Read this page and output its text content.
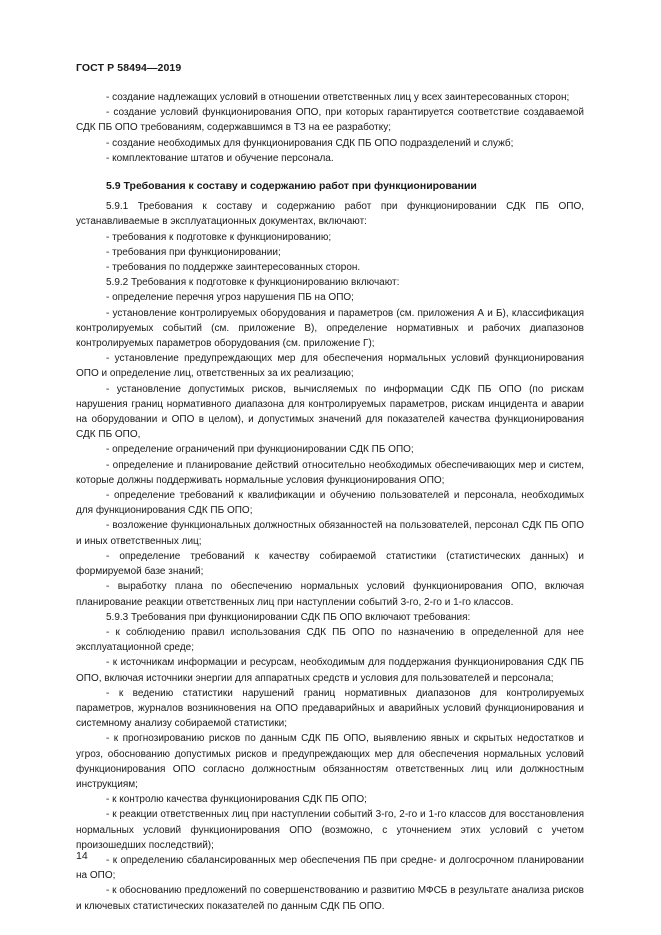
ГОСТ Р 58494—2019

- создание надлежащих условий в отношении ответственных лиц у всех заинтересованных сторон;

- создание условий функционирования ОПО, при которых гарантируется соответствие создаваемой СДК ПБ ОПО требованиям, содержавшимся в ТЗ на ее разработку;

- создание необходимых для функционирования СДК ПБ ОПО подразделений и служб;

- комплектование штатов и обучение персонала.

5.9 Требования к составу и содержанию работ при функционировании

5.9.1 Требования к составу и содержанию работ при функционировании СДК ПБ ОПО, устанавливаемые в эксплуатационных документах, включают:

- требования к подготовке к функционированию;

- требования при функционировании;

- требования по поддержке заинтересованных сторон.

5.9.2 Требования к подготовке к функционированию включают:

- определение перечня угроз нарушения ПБ на ОПО;

- установление контролируемых оборудования и параметров (см. приложения А и Б), классификация контролируемых событий (см. приложение В), определение нормативных и рабочих диапазонов контролируемых параметров оборудования (см. приложение Г);

- установление предупреждающих мер для обеспечения нормальных условий функционирования ОПО и определение лиц, ответственных за их реализацию;

- установление допустимых рисков, вычисляемых по информации СДК ПБ ОПО (по рискам нарушения границ нормативного диапазона для контролируемых параметров, рискам инцидента и аварии на оборудовании и ОПО в целом), и допустимых значений для показателей качества функционирования СДК ПБ ОПО,

- определение ограничений при функционировании СДК ПБ ОПО;

- определение и планирование действий относительно необходимых обеспечивающих мер и систем, которые должны поддерживать нормальные условия функционирования ОПО;

- определение требований к квалификации и обучению пользователей и персонала, необходимых для функционирования СДК ПБ ОПО;

- возложение функциональных должностных обязанностей на пользователей, персонал СДК ПБ ОПО и иных ответственных лиц;

- определение требований к качеству собираемой статистики (статистических данных) и формируемой базе знаний;

- выработку плана по обеспечению нормальных условий функционирования ОПО, включая планирование реакции ответственных лиц при наступлении событий 3-го, 2-го и 1-го классов.

5.9.3 Требования при функционировании СДК ПБ ОПО включают требования:

- к соблюдению правил использования СДК ПБ ОПО по назначению в определенной для нее эксплуатационной среде;

- к источникам информации и ресурсам, необходимым для поддержания функционирования СДК ПБ ОПО, включая источники энергии для аппаратных средств и условия для пользователей и персонала;

- к ведению статистики нарушений границ нормативных диапазонов для контролируемых параметров, журналов возникновения на ОПО предаварийных и аварийных условий функционирования и системному анализу собираемой статистики;

- к прогнозированию рисков по данным СДК ПБ ОПО, выявлению явных и скрытых недостатков и угроз, обоснованию допустимых рисков и предупреждающих мер для обеспечения нормальных условий функционирования ОПО согласно должностным обязанностям ответственных лиц или должностным инструкциям;

- к контролю качества функционирования СДК ПБ ОПО;

- к реакции ответственных лиц при наступлении событий 3-го, 2-го и 1-го классов для восстановления нормальных условий функционирования ОПО (возможно, с уточнением этих условий с учетом произошедших последствий);

- к определению сбалансированных мер обеспечения ПБ при средне- и долгосрочном планировании на ОПО;

- к обоснованию предложений по совершенствованию и развитию МФСБ в результате анализа рисков и ключевых статистических показателей по данным СДК ПБ ОПО.

14
